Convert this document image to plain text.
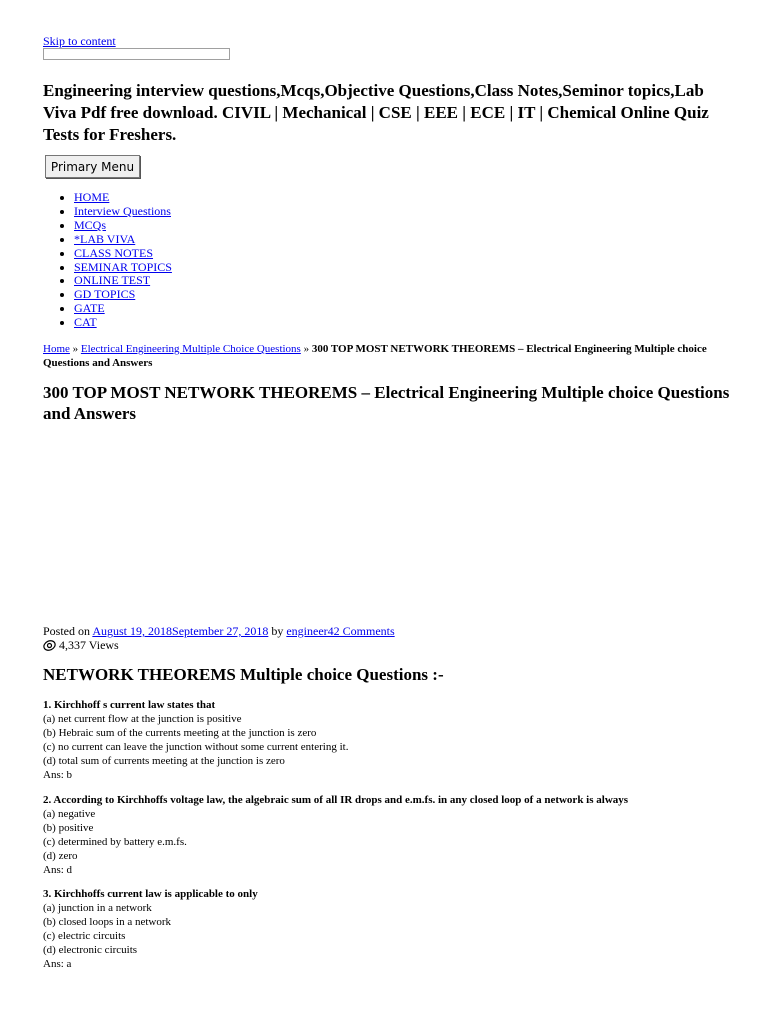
Skip to content
Engineering interview questions,Mcqs,Objective Questions,Class Notes,Seminor topics,Lab Viva Pdf free download. CIVIL | Mechanical | CSE | EEE | ECE | IT | Chemical Online Quiz Tests for Freshers.
Primary Menu
• HOME
• Interview Questions
• MCQs
• *LAB VIVA
• CLASS NOTES
• SEMINAR TOPICS
• ONLINE TEST
• GD TOPICS
• GATE
• CAT
Home » Electrical Engineering Multiple Choice Questions » 300 TOP MOST NETWORK THEOREMS – Electrical Engineering Multiple choice Questions and Answers
300 TOP MOST NETWORK THEOREMS – Electrical Engineering Multiple choice Questions and Answers
Posted on August 19, 2018September 27, 2018 by engineer42 Comments
4,337 Views
NETWORK THEOREMS Multiple choice Questions :-
1. Kirchhoff s current law states that
(a) net current flow at the junction is positive
(b) Hebraic sum of the currents meeting at the junction is zero
(c) no current can leave the junction without some current entering it.
(d) total sum of currents meeting at the junction is zero
Ans: b
2. According to Kirchhoffs voltage law, the algebraic sum of all IR drops and e.m.fs. in any closed loop of a network is always
(a) negative
(b) positive
(c) determined by battery e.m.fs.
(d) zero
Ans: d
3. Kirchhoffs current law is applicable to only
(a) junction in a network
(b) closed loops in a network
(c) electric circuits
(d) electronic circuits
Ans: a
